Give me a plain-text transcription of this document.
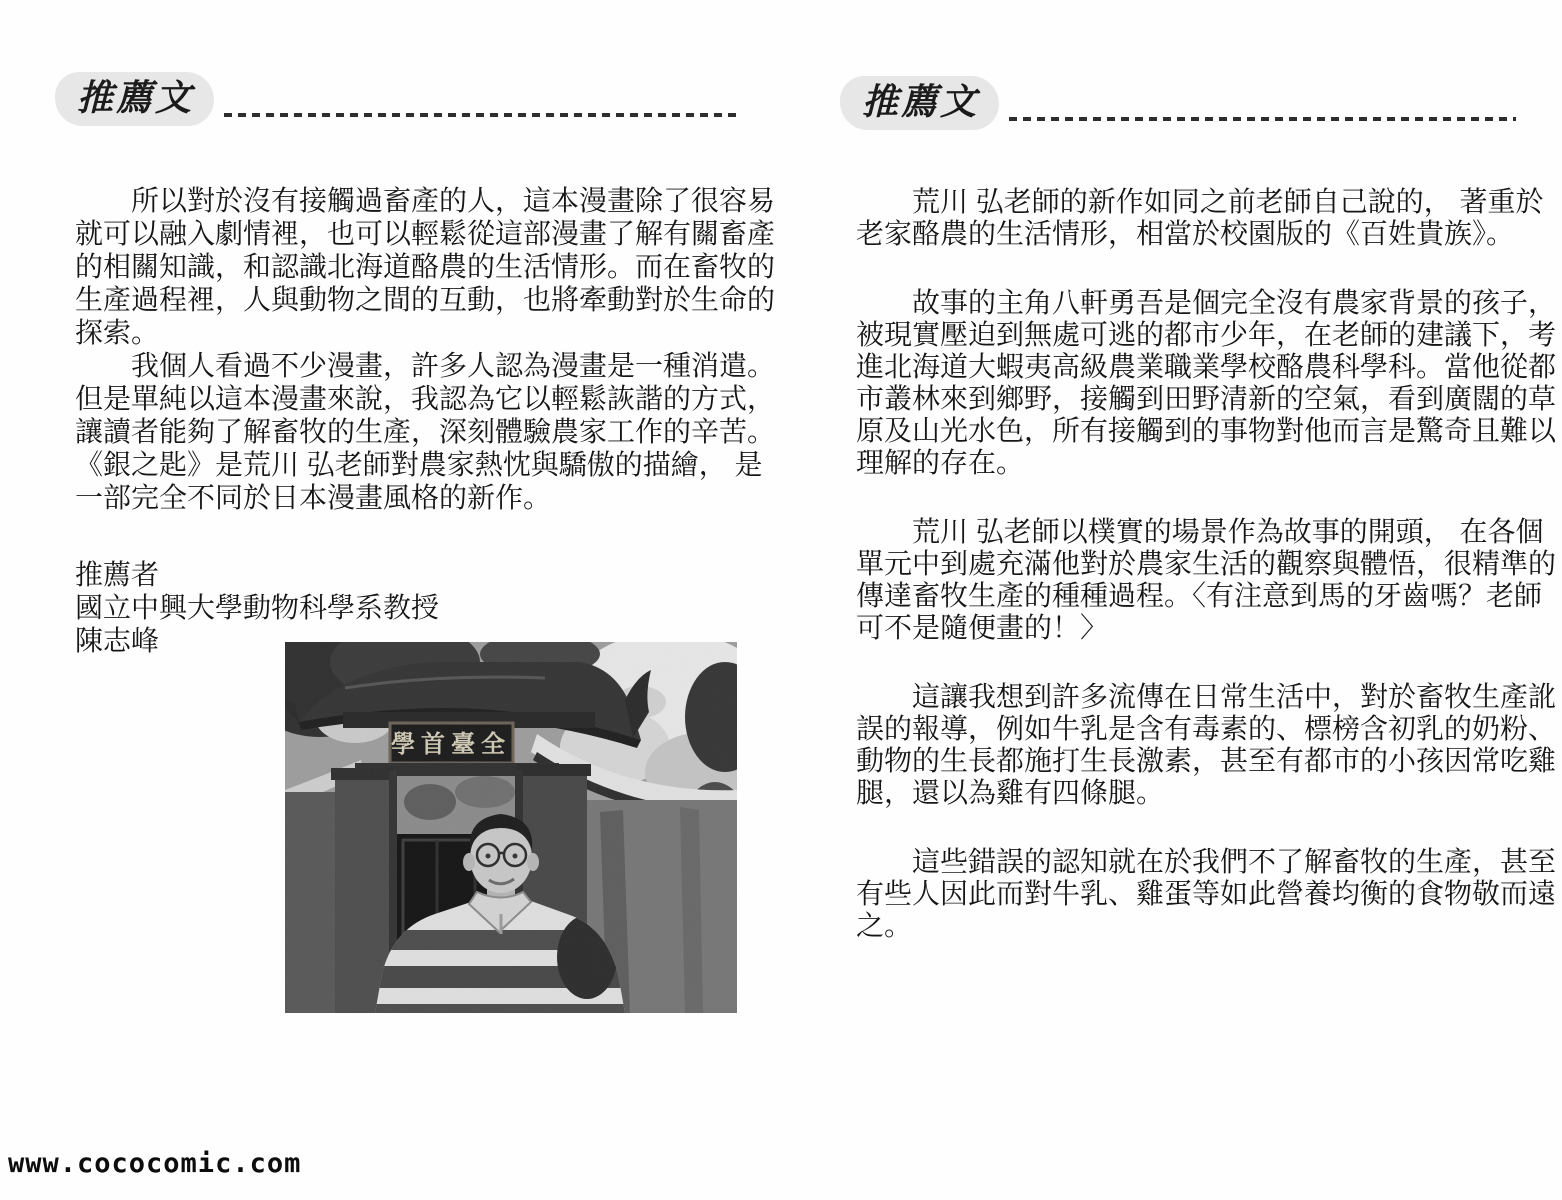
推薦文
　　所以對於沒有接觸過畜產的人，這本漫畫除了很容易
就可以融入劇情裡，也可以輕鬆從這部漫畫了解有關畜產
的相關知識，和認識北海道酪農的生活情形。而在畜牧的
生產過程裡，人與動物之間的互動，也將牽動對於生命的
探索。
　　我個人看過不少漫畫，許多人認為漫畫是一種消遣。
但是單純以這本漫畫來說，我認為它以輕鬆詼諧的方式，
讓讀者能夠了解畜牧的生產，深刻體驗農家工作的辛苦。
《銀之匙》是荒川 弘老師對農家熱忱與驕傲的描繪， 是
一部完全不同於日本漫畫風格的新作。
推薦者
國立中興大學動物科學系教授
陳志峰
學首臺全
推薦文
　　荒川 弘老師的新作如同之前老師自己說的， 著重於
老家酪農的生活情形，相當於校園版的《百姓貴族》。
　　故事的主角八軒勇吾是個完全沒有農家背景的孩子，
被現實壓迫到無處可逃的都市少年，在老師的建議下，考
進北海道大蝦夷高級農業職業學校酪農科學科。當他從都
市叢林來到鄉野，接觸到田野清新的空氣，看到廣闊的草
原及山光水色，所有接觸到的事物對他而言是驚奇且難以
理解的存在。
　　荒川 弘老師以樸實的場景作為故事的開頭， 在各個
單元中到處充滿他對於農家生活的觀察與體悟，很精準的
傳達畜牧生產的種種過程。〈有注意到馬的牙齒嗎？老師
可不是隨便畫的！〉
　　這讓我想到許多流傳在日常生活中，對於畜牧生產訛
誤的報導，例如牛乳是含有毒素的、標榜含初乳的奶粉、
動物的生長都施打生長激素，甚至有都市的小孩因常吃雞
腿，還以為雞有四條腿。
　　這些錯誤的認知就在於我們不了解畜牧的生產，甚至
有些人因此而對牛乳、雞蛋等如此營養均衡的食物敬而遠
之。
www.cococomic.com
